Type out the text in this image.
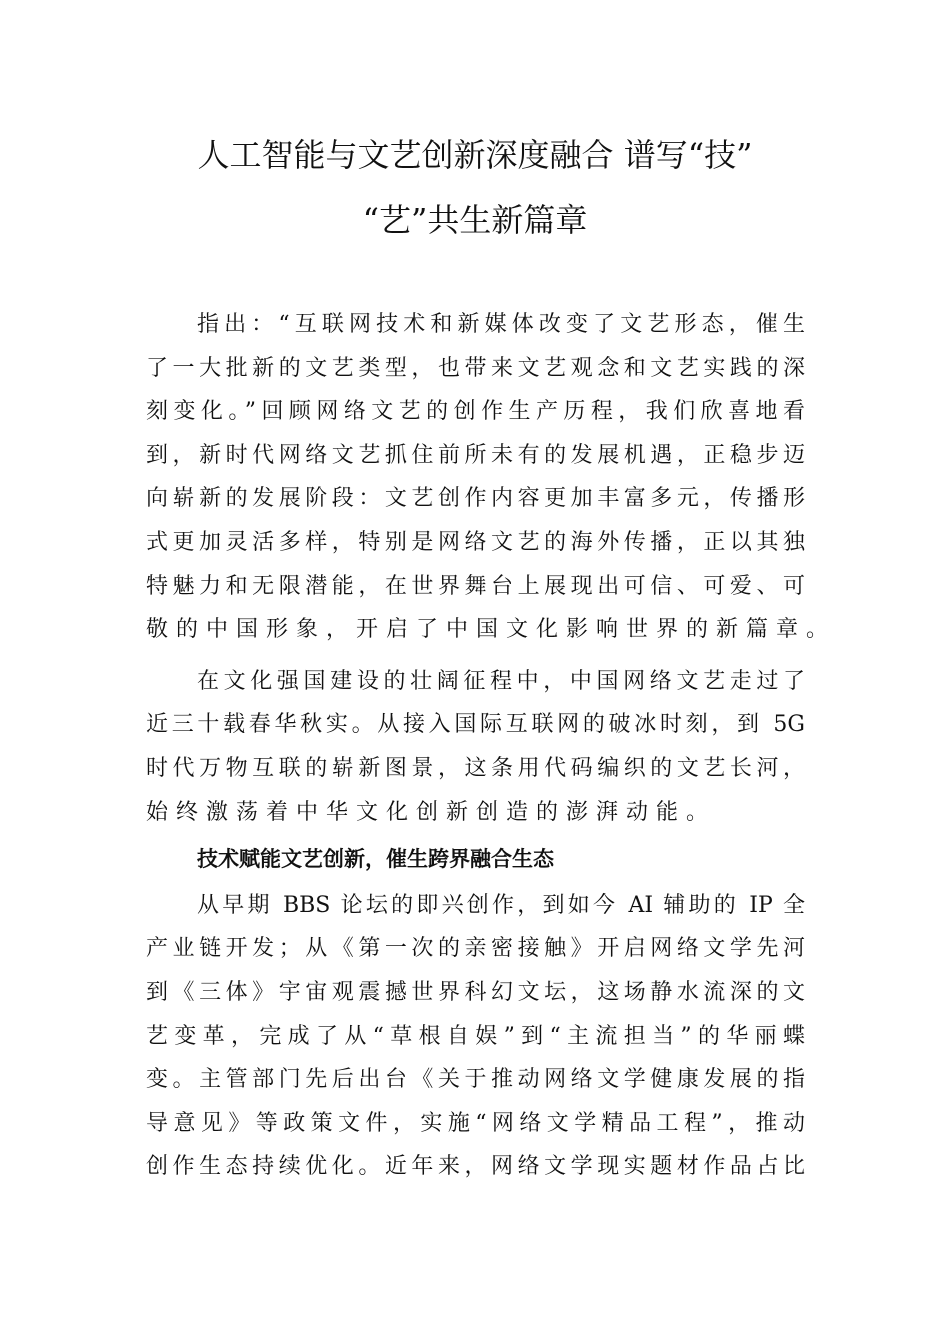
人工智能与文艺创新深度融合 谱写“技”
“艺”共生新篇章
指出：“互联网技术和新媒体改变了文艺形态，催生
了一大批新的文艺类型，也带来文艺观念和文艺实践的深
刻变化。”回顾网络文艺的创作生产历程，我们欣喜地看
到，新时代网络文艺抓住前所未有的发展机遇，正稳步迈
向崭新的发展阶段：文艺创作内容更加丰富多元，传播形
式更加灵活多样，特别是网络文艺的海外传播，正以其独
特魅力和无限潜能，在世界舞台上展现出可信、可爱、可
敬的中国形象，开启了中国文化影响世界的新篇章。
在文化强国建设的壮阔征程中，中国网络文艺走过了
近三十载春华秋实。从接入国际互联网的破冰时刻，到 5G
时代万物互联的崭新图景，这条用代码编织的文艺长河，
始终激荡着中华文化创新创造的澎湃动能。
技术赋能文艺创新，催生跨界融合生态
从早期 BBS 论坛的即兴创作，到如今 AI 辅助的 IP 全
产业链开发；从《第一次的亲密接触》开启网络文学先河
到《三体》宇宙观震撼世界科幻文坛，这场静水流深的文
艺变革，完成了从“草根自娱”到“主流担当”的华丽蝶
变。主管部门先后出台《关于推动网络文学健康发展的指
导意见》等政策文件，实施“网络文学精品工程”，推动
创作生态持续优化。近年来，网络文学现实题材作品占比
